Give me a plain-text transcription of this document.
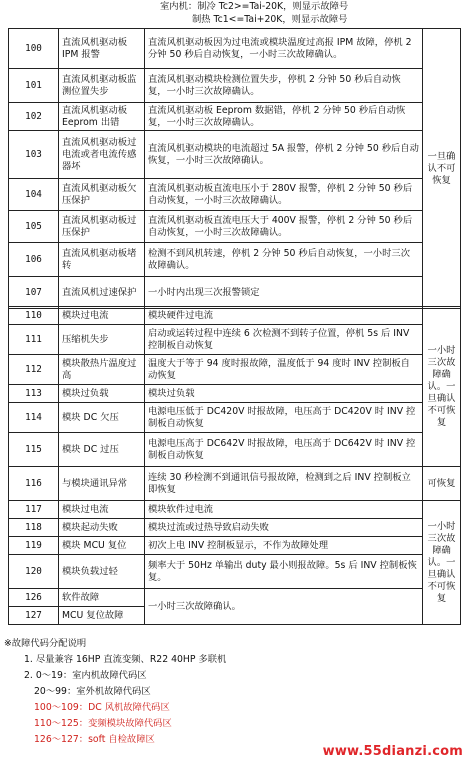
室内机：制冷 Tc2>=Tai-20K，则显示故障号
制热 Tc1<=Tai+20K，则显示故障号
100	直流风机驱动板 IPM 报警	直流风机驱动板因为过电流或模块温度过高报 IPM 故障，停机 2 分钟 50 秒后自动恢复，一小时三次故障确认。	一旦确认不可恢复
101	直流风机驱动板监测位置失步	直流风机驱动模块检测位置失步，停机 2 分钟 50 秒后自动恢复，一小时三次故障确认。	
102	直流风机驱动板 Eeprom 出错	直流风机驱动板 Eeprom 数据错，停机 2 分钟 50 秒后自动恢复，一小时三次故障确认。	
103	直流风机驱动板过电流或者电流传感器坏	直流风机驱动模块的电流超过 5A 报警，停机 2 分钟 50 秒后自动恢复，一小时三次故障确认。	
104	直流风机驱动板欠压保护	直流风机驱动板直流电压小于 280V 报警，停机 2 分钟 50 秒后自动恢复，一小时三次故障确认。	
105	直流风机驱动板过压保护	直流风机驱动板直流电压大于 400V 报警，停机 2 分钟 50 秒后自动恢复，一小时三次故障确认。	
106	直流风机驱动板堵转	检测不到风机转速，停机 2 分钟 50 秒后自动恢复，一小时三次故障确认。	
107	直流风机过速保护	一小时内出现三次报警锁定	
110	模块过电流	模块硬件过电流	一小时三次故障确认。一旦确认不可恢复
111	压缩机失步	启动或运转过程中连续 6 次检测不到转子位置，停机 5s 后 INV 控制板自动恢复	
112	模块散热片温度过高	温度大于等于 94 度时报故障，温度低于 94 度时 INV 控制板自动恢复	
113	模块过负载	模块过负载	
114	模块 DC 欠压	电源电压低于 DC420V 时报故障，电压高于 DC420V 时 INV 控制板自动恢复	
115	模块 DC 过压	电源电压高于 DC642V 时报故障，电压高于 DC642V 时 INV 控制板自动恢复	
116	与模块通讯异常	连续 30 秒检测不到通讯信号报故障，检测到之后 INV 控制板立即恢复	可恢复
117	模块过电流	模块软件过电流	一小时三次故障确认。一旦确认不可恢复
118	模块起动失败	模块过流或过热导致启动失败	
119	模块 MCU 复位	初次上电 INV 控制板显示，不作为故障处理	
120	模块负载过轻	频率大于 50Hz 单输出 duty 最小则报故障。5s 后 INV 控制板恢复。	
126	软件故障	一小时三次故障确认。	
127	MCU 复位故障		
※故障代码分配说明
1. 尽量兼容 16HP 直流变频、R22 40HP 多联机
2. 0～19：室内机故障代码区
20～99：室外机故障代码区
100～109：DC 风机故障代码区
110～125：变频模块故障代码区
126～127：soft 自检故障区
www.55dianzi.com
